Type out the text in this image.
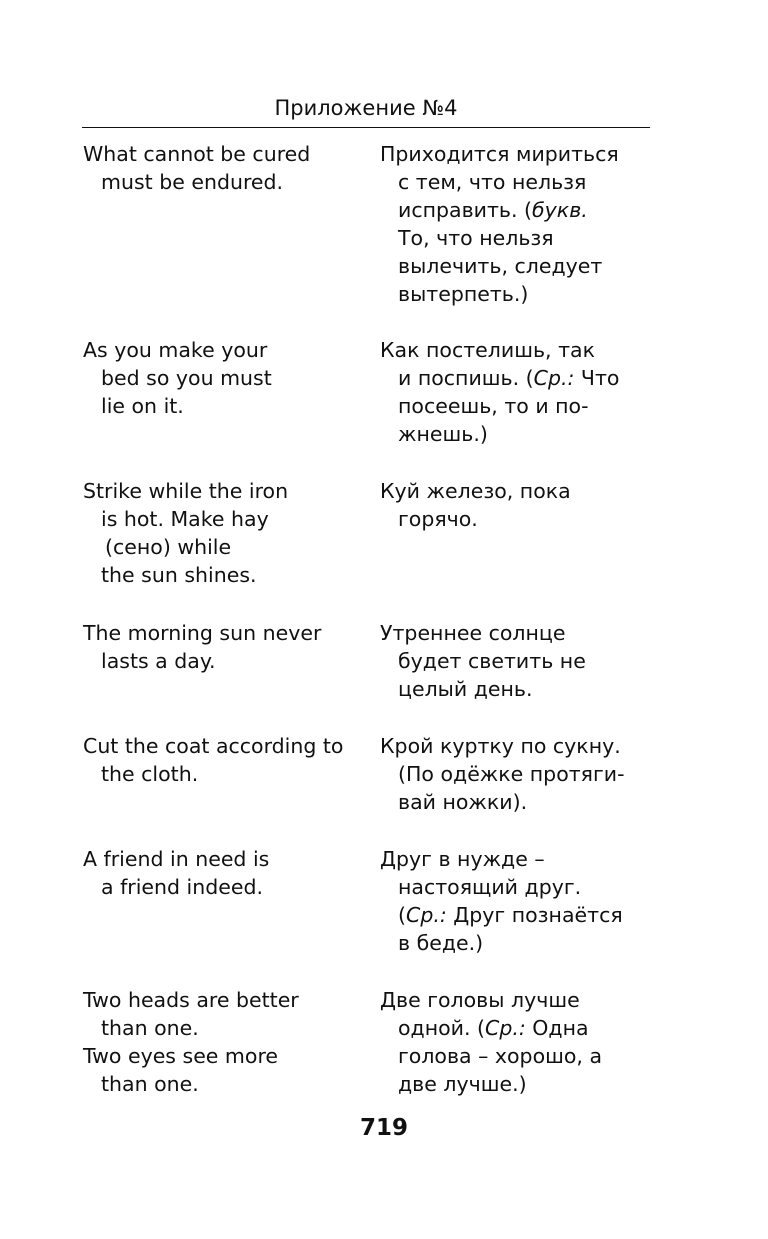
Приложение №4
What cannot be cured
must be endured.
Приходится мириться
с тем, что нельзя
исправить. (букв.
То, что нельзя
вылечить, следует
вытерпеть.)
As you make your
bed so you must
lie on it.
Как постелишь, так
и поспишь. (Ср.: Что
посеешь, то и по-
жнешь.)
Strike while the iron
is hot. Make hay
(сено) while
the sun shines.
Куй железо, пока
горячо.
The morning sun never
lasts a day.
Утреннее солнце
будет светить не
целый день.
Cut the coat according to
the cloth.
Крой куртку по сукну.
(По одёжке протяги-
вай ножки).
A friend in need is
a friend indeed.
Друг в нужде –
настоящий друг.
(Ср.: Друг познаётся
в беде.)
Two heads are better
than one.
Two eyes see more
than one.
Две головы лучше
одной. (Ср.: Одна
голова – хорошо, а
две лучше.)
719
